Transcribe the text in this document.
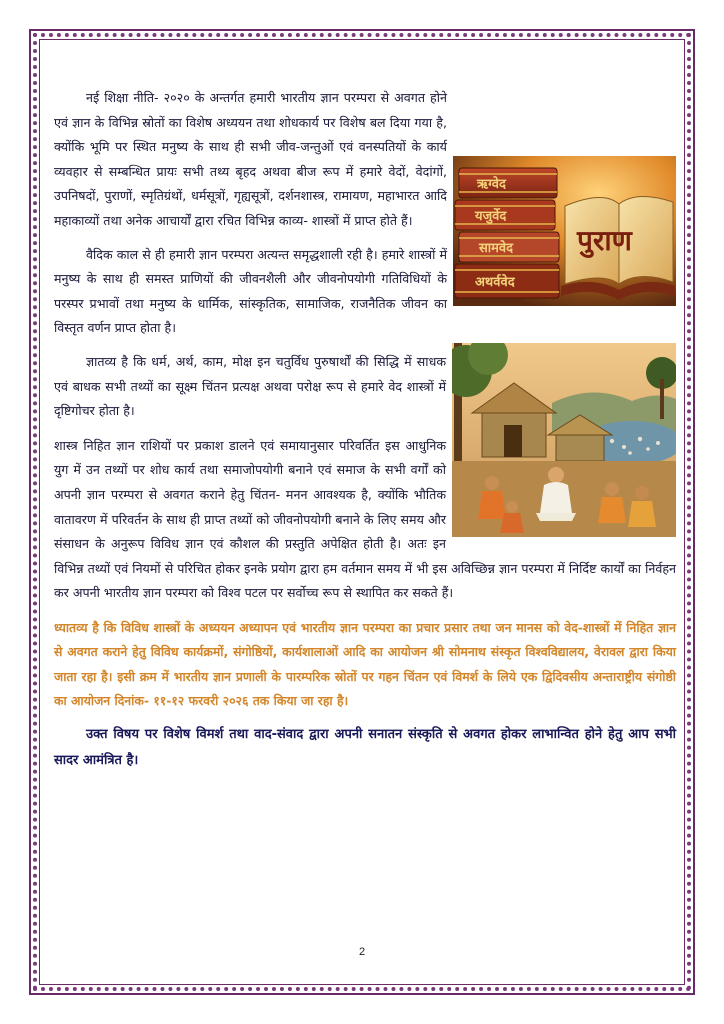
ऋग्वेद
यजुर्वेद
सामवेद
अथर्ववेद
पुराण

नई शिक्षा नीति- २०२० के अन्तर्गत हमारी भारतीय ज्ञान परम्परा से अवगत होने एवं ज्ञान के विभिन्न स्रोतों का विशेष अध्ययन तथा शोधकार्य पर विशेष बल दिया गया है, क्योंकि भूमि पर स्थित मनुष्य के साथ ही सभी जीव-जन्तुओं एवं वनस्पतियों के कार्य व्यवहार से सम्बन्धित प्रायः सभी तथ्य बृहद अथवा बीज रूप में हमारे वेदों, वेदांगों, उपनिषदों, पुराणों, स्मृतिग्रंथों, धर्मसूत्रों, गृह्यसूत्रों, दर्शनशास्त्र, रामायण, महाभारत आदि महाकाव्यों तथा अनेक आचार्यों द्वारा रचित विभिन्न काव्य- शास्त्रों में प्राप्त होते हैं।

वैदिक काल से ही हमारी ज्ञान परम्परा अत्यन्त समृद्धशाली रही है। हमारे शास्त्रों में मनुष्य के साथ ही समस्त प्राणियों की जीवनशैली और जीवनोपयोगी गतिविधियों के परस्पर प्रभावों तथा मनुष्य के धार्मिक, सांस्कृतिक, सामाजिक, राजनैतिक जीवन का विस्तृत वर्णन प्राप्त होता है।

ज्ञातव्य है कि धर्म, अर्थ, काम, मोक्ष इन चतुर्विध पुरुषार्थों की सिद्धि में साधक एवं बाधक सभी तथ्यों का सूक्ष्म चिंतन प्रत्यक्ष अथवा परोक्ष रूप से हमारे वेद शास्त्रों में दृष्टिगोचर होता है।

शास्त्र निहित ज्ञान राशियों पर प्रकाश डालने एवं समायानुसार परिवर्तित इस आधुनिक युग में उन तथ्यों पर शोध कार्य तथा समाजोपयोगी बनाने एवं समाज के सभी वर्गों को अपनी ज्ञान परम्परा से अवगत कराने हेतु चिंतन- मनन आवश्यक है, क्योंकि भौतिक वातावरण में परिवर्तन के साथ ही प्राप्त तथ्यों को जीवनोपयोगी बनाने के लिए समय और संसाधन के अनुरूप विविध ज्ञान एवं कौशल की प्रस्तुति अपेक्षित होती है। अतः इन विभिन्न तथ्यों एवं नियमों से परिचित होकर इनके प्रयोग द्वारा हम वर्तमान समय में भी इस अविच्छिन्न ज्ञान परम्परा में निर्दिष्ट कार्यों का निर्वहन कर अपनी भारतीय ज्ञान परम्परा को विश्व पटल पर सर्वोच्च रूप से स्थापित कर सकते हैं।

ध्यातव्य है कि विविध शास्त्रों के अध्ययन अध्यापन एवं भारतीय ज्ञान परम्परा का प्रचार प्रसार तथा जन मानस को वेद-शास्त्रों में निहित ज्ञान से अवगत कराने हेतु विविध कार्यक्रमों, संगोष्ठियों, कार्यशालाओं आदि का आयोजन श्री सोमनाथ संस्कृत विश्वविद्यालय, वेरावल द्वारा किया जाता रहा है। इसी क्रम में भारतीय ज्ञान प्रणाली के पारम्परिक स्रोतों पर गहन चिंतन एवं विमर्श के लिये एक द्विदिवसीय अन्ताराष्ट्रीय संगोष्ठी का आयोजन दिनांक- ११-१२ फरवरी २०२६ तक किया जा रहा है।

उक्त विषय पर विशेष विमर्श तथा वाद-संवाद द्वारा अपनी सनातन संस्कृति से अवगत होकर लाभान्वित होने हेतु आप सभी सादर आमंत्रित है।

2
